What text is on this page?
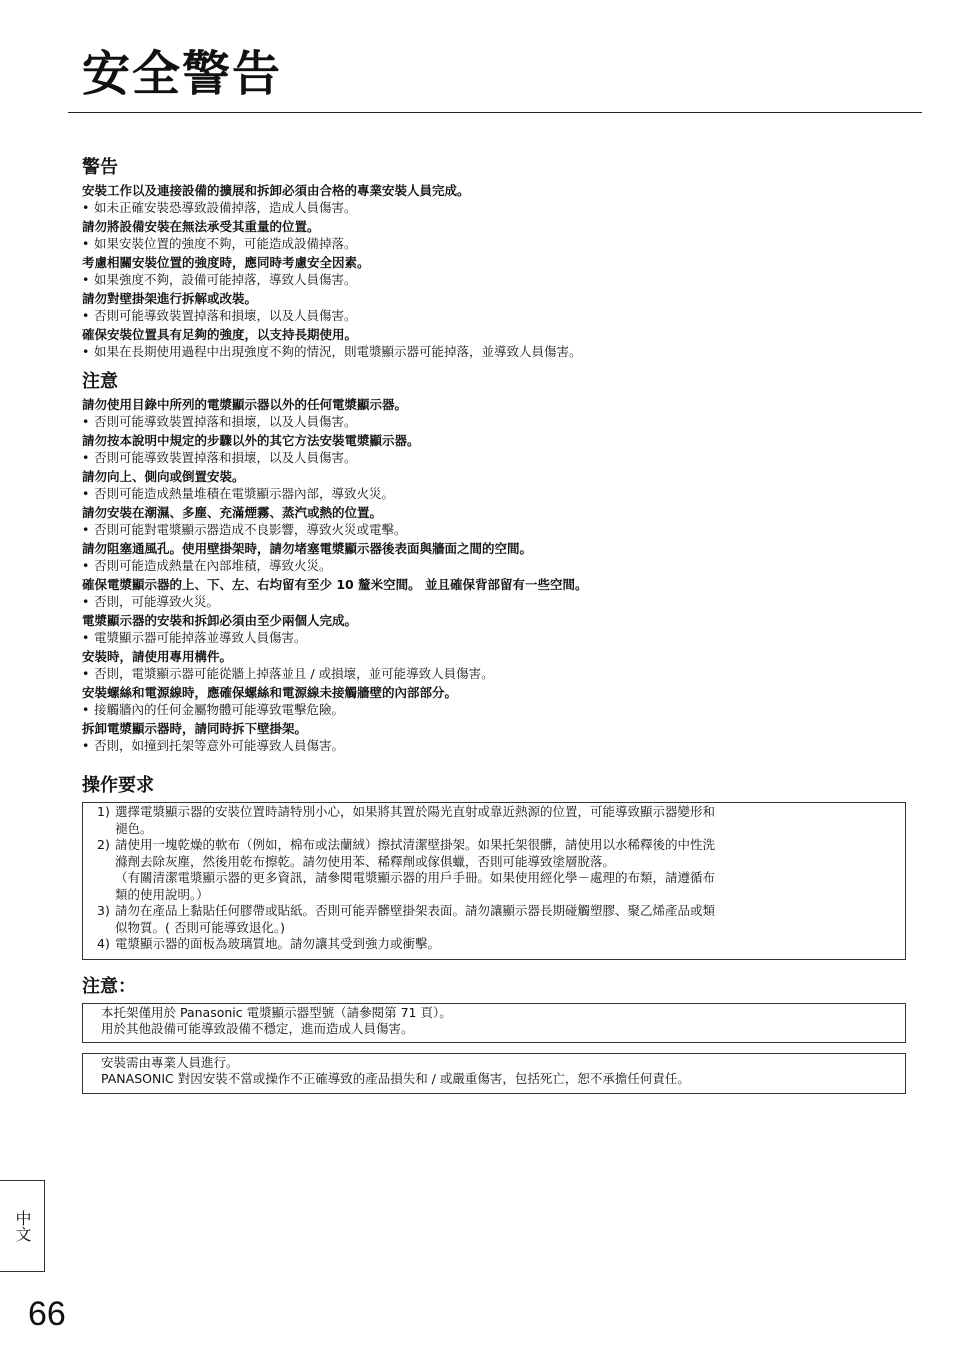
安全警告
警告
安裝工作以及連接設備的擴展和拆卸必須由合格的專業安裝人員完成。
• 如未正確安裝恐導致設備掉落，造成人員傷害。
請勿將設備安裝在無法承受其重量的位置。
• 如果安裝位置的強度不夠，可能造成設備掉落。
考慮相關安裝位置的強度時，應同時考慮安全因素。
• 如果強度不夠，設備可能掉落，導致人員傷害。
請勿對壁掛架進行拆解或改裝。
• 否則可能導致裝置掉落和損壞，以及人員傷害。
確保安裝位置具有足夠的強度，以支持長期使用。
• 如果在長期使用過程中出現強度不夠的情況，則電漿顯示器可能掉落，並導致人員傷害。
注意
請勿使用目錄中所列的電漿顯示器以外的任何電漿顯示器。
• 否則可能導致裝置掉落和損壞，以及人員傷害。
請勿按本說明中規定的步驟以外的其它方法安裝電漿顯示器。
• 否則可能導致裝置掉落和損壞，以及人員傷害。
請勿向上、側向或倒置安裝。
• 否則可能造成熱量堆積在電漿顯示器內部，導致火災。
請勿安裝在潮濕、多塵、充滿煙霧、蒸汽或熱的位置。
• 否則可能對電漿顯示器造成不良影響，導致火災或電擊。
請勿阻塞通風孔。使用壁掛架時，請勿堵塞電漿顯示器後表面與牆面之間的空間。
• 否則可能造成熱量在內部堆積，導致火災。
確保電漿顯示器的上、下、左、右均留有至少 10 釐米空間。 並且確保背部留有一些空間。
• 否則，可能導致火災。
電漿顯示器的安裝和拆卸必須由至少兩個人完成。
• 電漿顯示器可能掉落並導致人員傷害。
安裝時，請使用專用構件。
• 否則，電漿顯示器可能從牆上掉落並且 / 或損壞，並可能導致人員傷害。
安裝螺絲和電源線時，應確保螺絲和電源線未接觸牆壁的內部部分。
• 接觸牆內的任何金屬物體可能導致電擊危險。
拆卸電漿顯示器時，請同時拆下壁掛架。
• 否則，如撞到托架等意外可能導致人員傷害。
操作要求
1) 選擇電漿顯示器的安裝位置時請特別小心，如果將其置於陽光直射或靠近熱源的位置，可能導致顯示器變形和
褪色。
2) 請使用一塊乾燥的軟布（例如，棉布或法蘭絨）擦拭清潔壁掛架。如果托架很髒，請使用以水稀釋後的中性洗
滌劑去除灰塵，然後用乾布擦乾。請勿使用苯、稀釋劑或傢俱蠟，否則可能導致塗層脫落。
（有關清潔電漿顯示器的更多資訊，請參閱電漿顯示器的用戶手冊。如果使用經化學－處理的布類，請遵循布
類的使用說明。）
3) 請勿在產品上黏貼任何膠帶或貼紙。否則可能弄髒壁掛架表面。請勿讓顯示器長期碰觸塑膠、聚乙烯產品或類
似物質。( 否則可能導致退化。)
4) 電漿顯示器的面板為玻璃質地。請勿讓其受到強力或衝擊。
注意：
本托架僅用於 Panasonic 電漿顯示器型號（請參閱第 71 頁）。
用於其他設備可能導致設備不穩定，進而造成人員傷害。
安裝需由專業人員進行。
PANASONIC 對因安裝不當或操作不正確導致的產品損失和 / 或嚴重傷害，包括死亡，恕不承擔任何責任。
中文
66
